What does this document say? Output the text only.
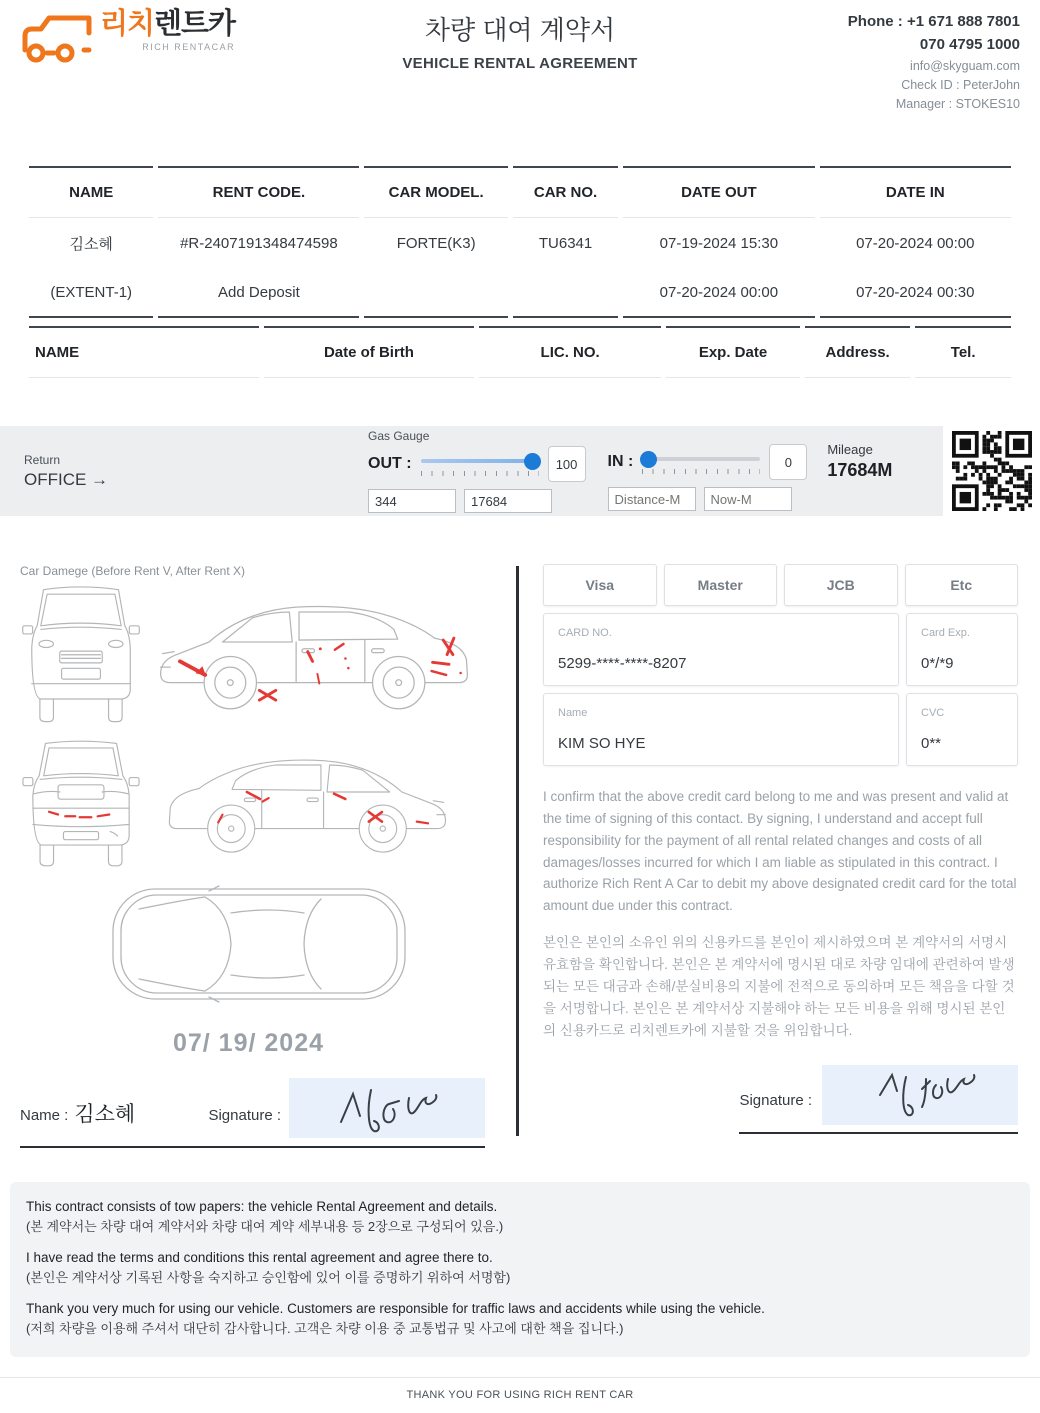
리치렌트카
RICH RENTACAR
차량 대여 계약서
VEHICLE RENTAL AGREEMENT
Phone : +1 671 888 7801
070 4795 1000
info@skyguam.com
Check ID : PeterJohn
Manager : STOKES10
NAME	RENT CODE.	CAR MODEL.	CAR NO.	DATE OUT	DATE IN
김소혜	#R-2407191348474598	FORTE(K3)	TU6341	07-19-2024 15:30	07-20-2024 00:00
(EXTENT-1)	Add Deposit			07-20-2024 00:00	07-20-2024 00:30
NAME	Date of Birth	LIC. NO.	Exp. Date	Address.	Tel.

Return
OFFICE →
Gas Gauge
OUT :	100
344
17684	IN :	0
Distance-M
Now-M
Mileage
17684M
Car Damege (Before Rent V, After Rent X)
07/ 19/ 2024
Name : 김소혜	Signature :
Visa	Master	JCB	Etc
CARD NO.
5299-****-****-8207
Card Exp.
0*/*9
Name
KIM SO HYE
CVC
0**
I confirm that the above credit card belong to me and was present and valid at the time of signing of this contact. By signing, I understand and accept full responsibility for the payment of all rental related changes and costs of all damages/losses incurred for which I am liable as stipulated in this contract. I authorize Rich Rent A Car to debit my above designated credit card for the total amount due under this contract.
본인은 본인의 소유인 위의 신용카드를 본인이 제시하였으며 본 계약서의 서명시 유효함을 확인합니다. 본인은 본 계약서에 명시된 대로 차량 임대에 관련하여 발생되는 모든 대금과 손해/분실비용의 지불에 전적으로 동의하며 모든 책음을 다할 것을 서명합니다. 본인은 본 계약서상 지불해야 하는 모든 비용을 위해 명시된 본인의 신용카드로 리치렌트카에 지불할 것을 위임합니다.
Signature :
This contract consists of tow papers: the vehicle Rental Agreement and details.
(본 계약서는 차량 대여 계약서와 차량 대여 계약 세부내용 등 2장으로 구성되어 있음.)
I have read the terms and conditions this rental agreement and agree there to.
(본인은 계약서상 기록된 사항을 숙지하고 승인함에 있어 이를 증명하기 위하여 서명함)
Thank you very much for using our vehicle. Customers are responsible for traffic laws and accidents while using the vehicle.
(저희 차량을 이용해 주셔서 대단히 감사합니다. 고객은 차량 이용 중 교통법규 및 사고에 대한 책을 집니다.)
THANK YOU FOR USING RICH RENT CAR
